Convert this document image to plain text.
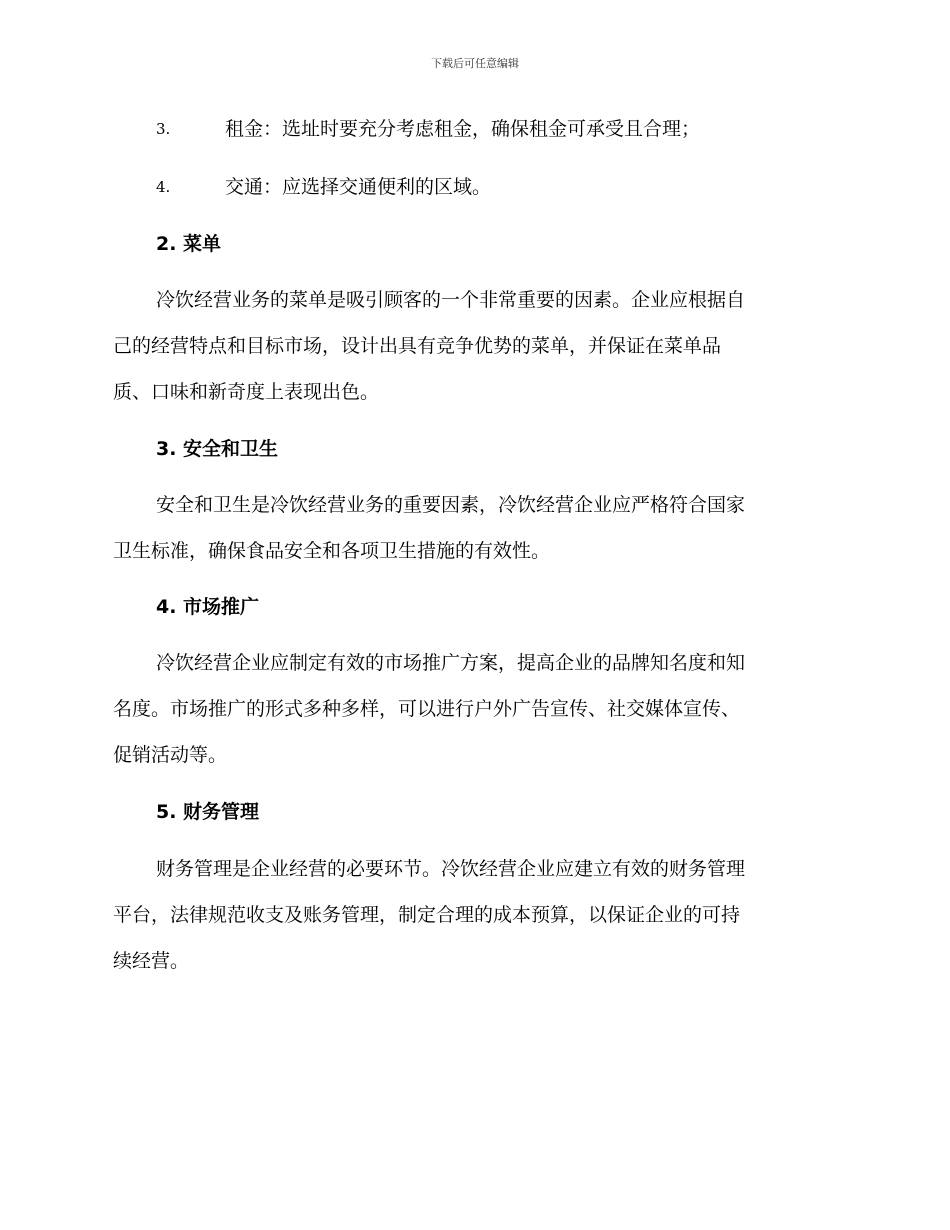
下载后可任意编辑
3.	租金：选址时要充分考虑租金，确保租金可承受且合理；
4.	交通：应选择交通便利的区域。
2. 菜单
冷饮经营业务的菜单是吸引顾客的一个非常重要的因素。企业应根据自
己的经营特点和目标市场，设计出具有竞争优势的菜单，并保证在菜单品
质、口味和新奇度上表现出色。
3. 安全和卫生
安全和卫生是冷饮经营业务的重要因素，冷饮经营企业应严格符合国家
卫生标准，确保食品安全和各项卫生措施的有效性。
4. 市场推广
冷饮经营企业应制定有效的市场推广方案，提高企业的品牌知名度和知
名度。市场推广的形式多种多样，可以进行户外广告宣传、社交媒体宣传、
促销活动等。
5. 财务管理
财务管理是企业经营的必要环节。冷饮经营企业应建立有效的财务管理
平台，法律规范收支及账务管理，制定合理的成本预算，以保证企业的可持
续经营。
